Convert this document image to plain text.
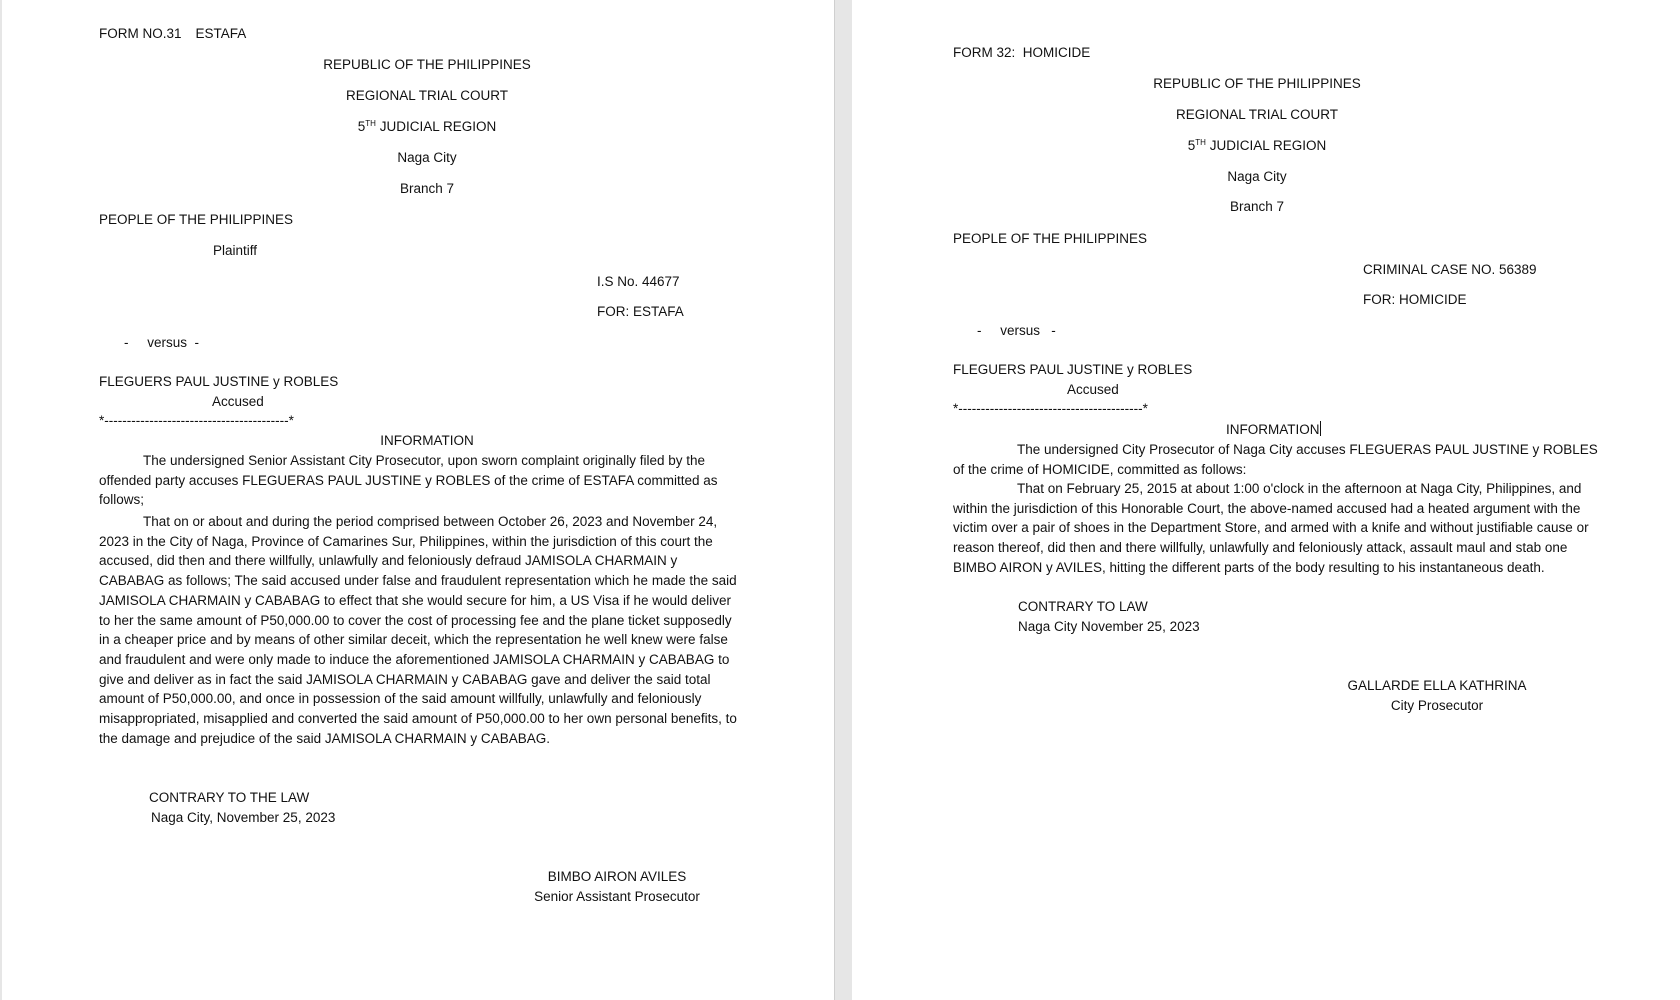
FORM NO.31 ESTAFA
REPUBLIC OF THE PHILIPPINES
REGIONAL TRIAL COURT
5TH JUDICIAL REGION
Naga City
Branch 7
PEOPLE OF THE PHILIPPINES
Plaintiff
I.S No. 44677
FOR: ESTAFA
-     versus  -
FLEGUERS PAUL JUSTINE y ROBLES
Accused
*-----------------------------------------*
INFORMATION
The undersigned Senior Assistant City Prosecutor, upon sworn complaint originally filed by the offended party accuses FLEGUERAS PAUL JUSTINE y ROBLES of the crime of ESTAFA committed as follows;
That on or about and during the period comprised between October 26, 2023 and November 24, 2023 in the City of Naga, Province of Camarines Sur, Philippines, within the jurisdiction of this court the accused, did then and there willfully, unlawfully and feloniously defraud JAMISOLA CHARMAIN y CABABAG as follows; The said accused under false and fraudulent representation which he made the said JAMISOLA CHARMAIN y CABABAG to effect that she would secure for him, a US Visa if he would deliver to her the same amount of P50,000.00 to cover the cost of processing fee and the plane ticket supposedly in a cheaper price and by means of other similar deceit, which the representation he well knew were false and fraudulent and were only made to induce the aforementioned JAMISOLA CHARMAIN y CABABAG to give and deliver as in fact the said JAMISOLA CHARMAIN y CABABAG gave and deliver the said total amount of P50,000.00, and once in possession of the said amount willfully, unlawfully and feloniously misappropriated, misapplied and converted the said amount of P50,000.00 to her own personal benefits, to the damage and prejudice of the said JAMISOLA CHARMAIN y CABABAG.
CONTRARY TO THE LAW
Naga City, November 25, 2023
BIMBO AIRON AVILES
Senior Assistant Prosecutor
FORM 32:  HOMICIDE
REPUBLIC OF THE PHILIPPINES
REGIONAL TRIAL COURT
5TH JUDICIAL REGION
Naga City
Branch 7
PEOPLE OF THE PHILIPPINES
CRIMINAL CASE NO. 56389
FOR: HOMICIDE
-     versus   -
FLEGUERS PAUL JUSTINE y ROBLES
Accused
*-----------------------------------------*
INFORMATION
The undersigned City Prosecutor of Naga City accuses FLEGUERAS PAUL JUSTINE y ROBLES of the crime of HOMICIDE, committed as follows:
That on February 25, 2015 at about 1:00 o'clock in the afternoon at Naga City, Philippines, and within the jurisdiction of this Honorable Court, the above-named accused had a heated argument with the victim over a pair of shoes in the Department Store, and armed with a knife and without justifiable cause or reason thereof, did then and there willfully, unlawfully and feloniously attack, assault maul and stab one BIMBO AIRON y AVILES, hitting the different parts of the body resulting to his instantaneous death.
CONTRARY TO LAW
Naga City November 25, 2023
GALLARDE ELLA KATHRINA
City Prosecutor
